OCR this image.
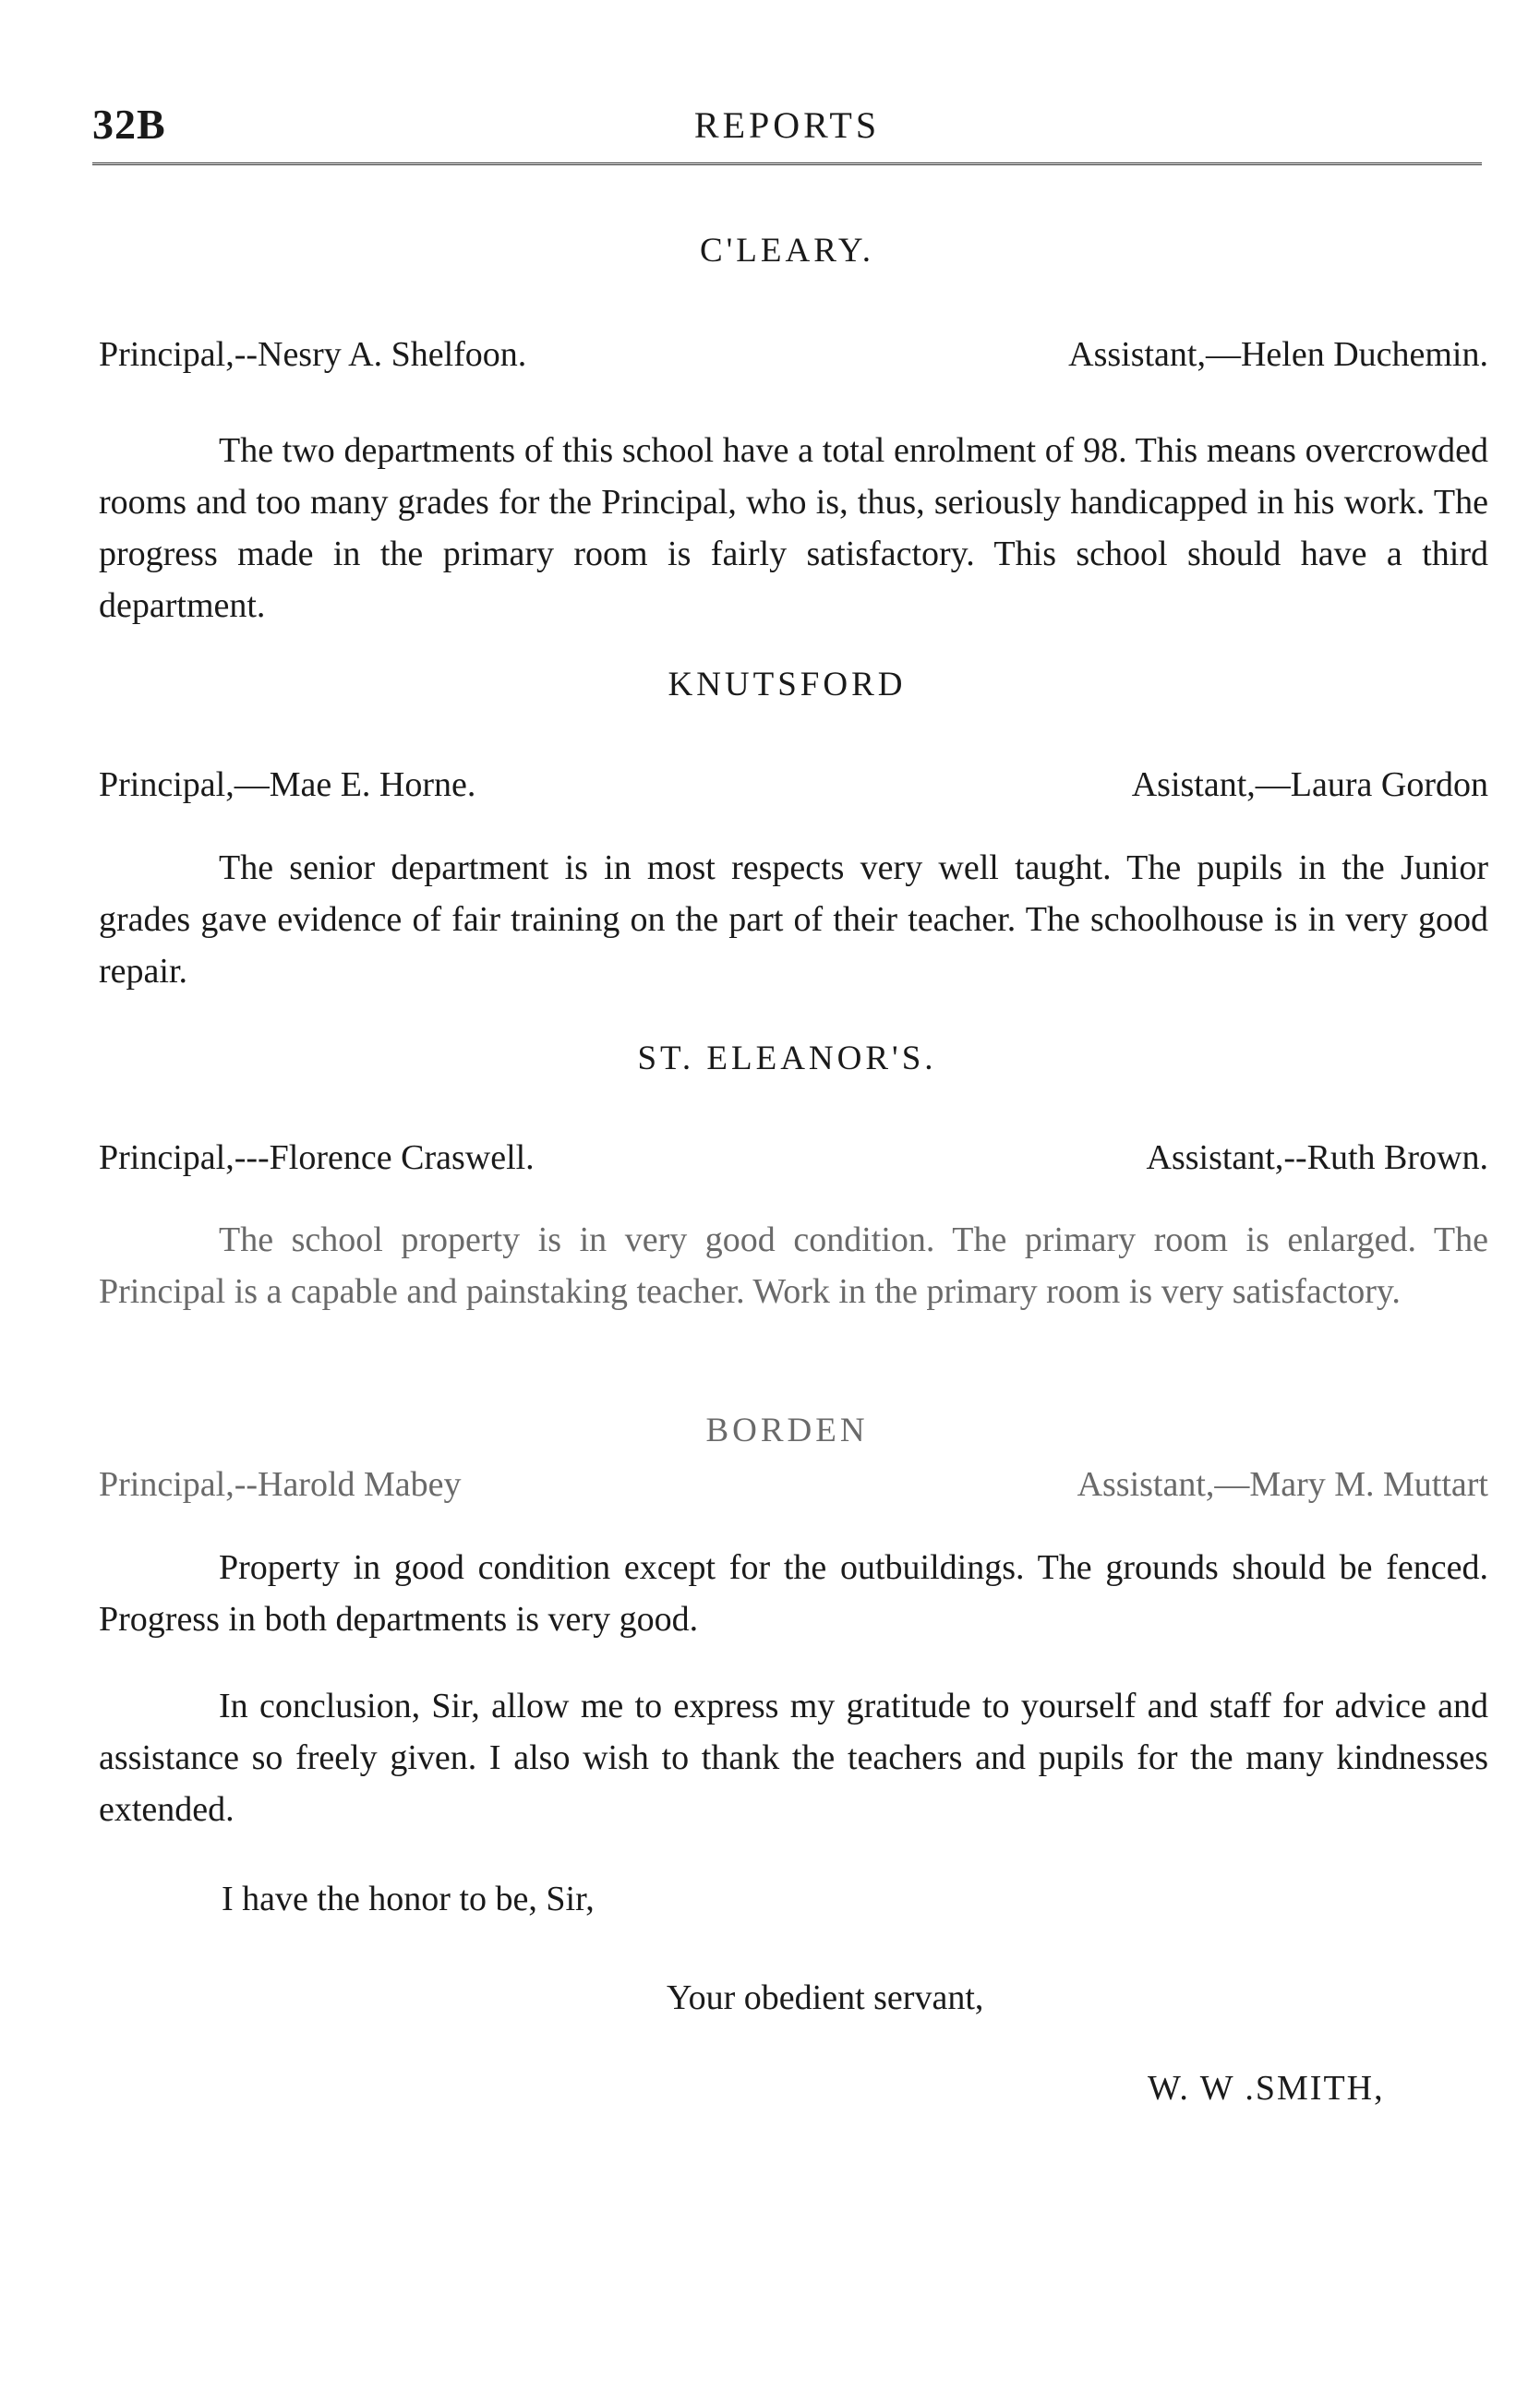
32B	REPORTS
C'LEARY.
Principal,--Nesry A. Shelfoon.	Assistant,—Helen Duchemin.

The two departments of this school have a total enrolment of 98. This means overcrowded rooms and too many grades for the Principal, who is, thus, seriously handicapped in his work. The progress made in the primary room is fairly satisfactory. This school should have a third department.

KNUTSFORD
Principal,—Mae E. Horne.	Asistant,—Laura Gordon

The senior department is in most respects very well taught. The pupils in the Junior grades gave evidence of fair training on the part of their teacher. The schoolhouse is in very good repair.

ST. ELEANOR'S.
Principal,---Florence Craswell.	Assistant,--Ruth Brown.

The school property is in very good condition. The primary room is enlarged. The Principal is a capable and painstaking teacher. Work in the primary room is very satisfactory.

BORDEN
Principal,--Harold Mabey	Assistant,—Mary M. Muttart

Property in good condition except for the outbuildings. The grounds should be fenced. Progress in both departments is very good.

In conclusion, Sir, allow me to express my gratitude to yourself and staff for advice and assistance so freely given. I also wish to thank the teachers and pupils for the many kindnesses extended.

I have the honor to be, Sir,
Your obedient servant,
W. W .SMITH,
